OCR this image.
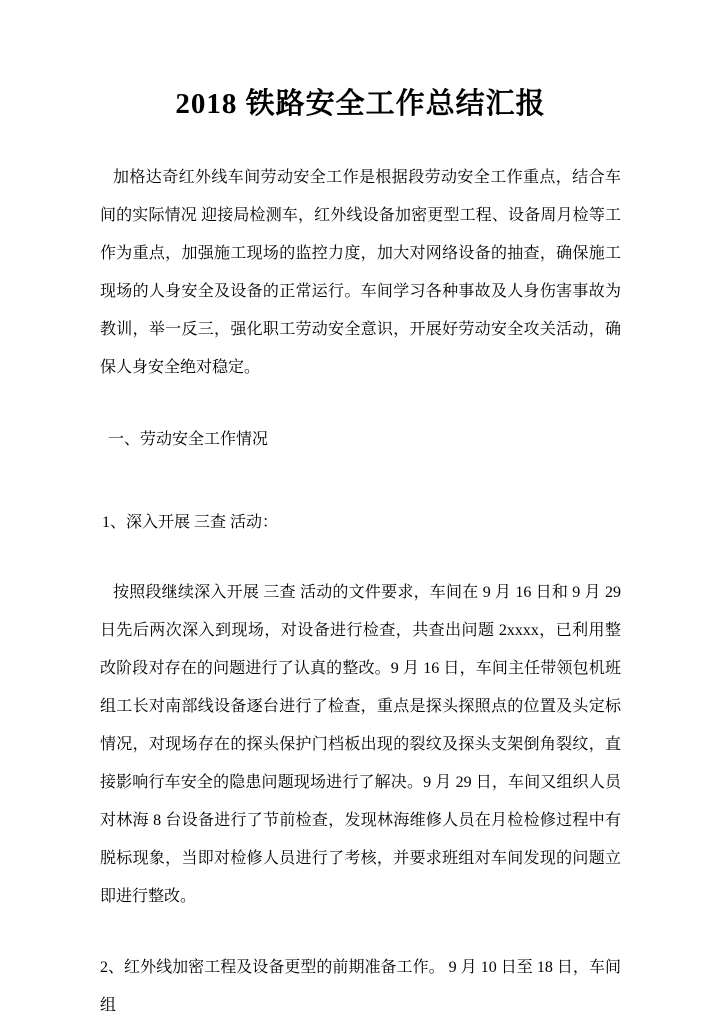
2018 铁路安全工作总结汇报

加格达奇红外线车间劳动安全工作是根据段劳动安全工作重点，结合车间的实际情况 迎接局检测车，红外线设备加密更型工程、设备周月检等工作为重点，加强施工现场的监控力度，加大对网络设备的抽查，确保施工现场的人身安全及设备的正常运行。车间学习各种事故及人身伤害事故为教训，举一反三，强化职工劳动安全意识，开展好劳动安全攻关活动，确保人身安全绝对稳定。

一、劳动安全工作情况

1、深入开展 三查 活动：

按照段继续深入开展 三查 活动的文件要求，车间在 9 月 16 日和 9 月 29 日先后两次深入到现场，对设备进行检查，共查出问题 2xxxx，已利用整改阶段对存在的问题进行了认真的整改。9 月 16 日，车间主任带领包机班组工长对南部线设备逐台进行了检查，重点是探头探照点的位置及头定标情况，对现场存在的探头保护门档板出现的裂纹及探头支架倒角裂纹，直接影响行车安全的隐患问题现场进行了解决。9 月 29 日，车间又组织人员对林海 8 台设备进行了节前检查，发现林海维修人员在月检检修过程中有脱标现象，当即对检修人员进行了考核，并要求班组对车间发现的问题立即进行整改。

2、红外线加密工程及设备更型的前期准备工作。 9 月 10 日至 18 日，车间组
